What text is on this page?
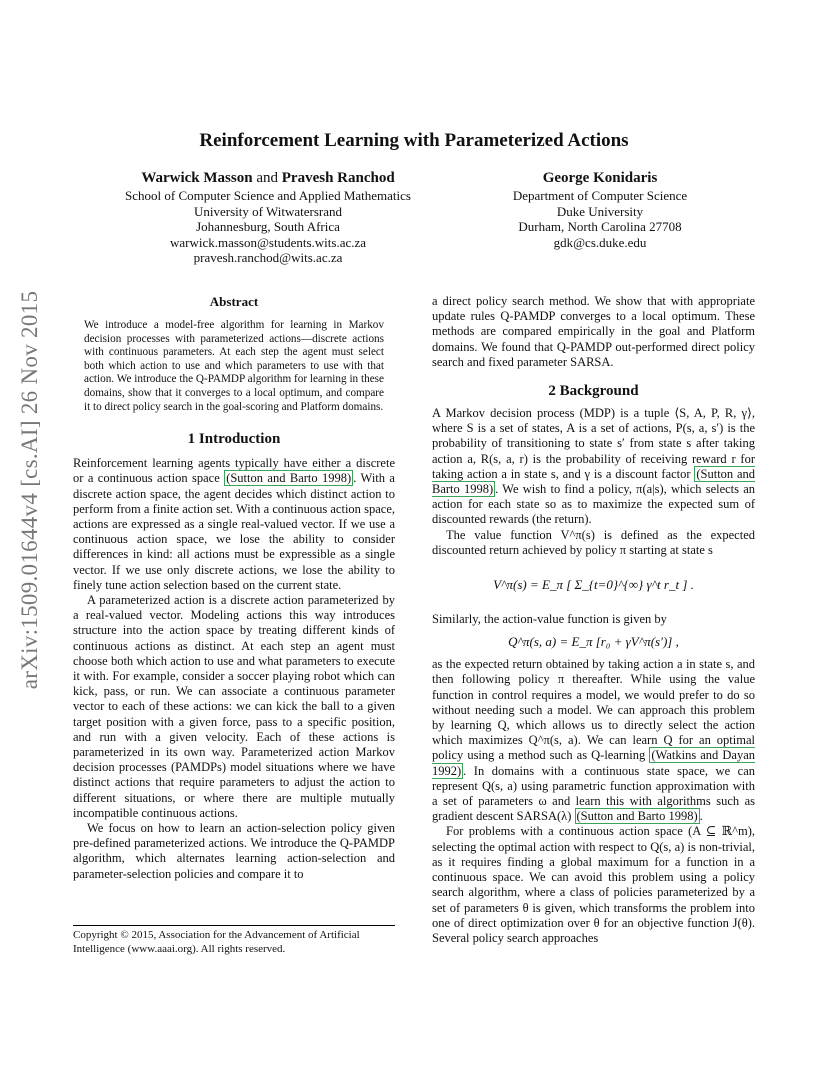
arXiv:1509.01644v4 [cs.AI] 26 Nov 2015
Reinforcement Learning with Parameterized Actions
Warwick Masson and Pravesh Ranchod
School of Computer Science and Applied Mathematics
University of Witwatersrand
Johannesburg, South Africa
warwick.masson@students.wits.ac.za
pravesh.ranchod@wits.ac.za
George Konidaris
Department of Computer Science
Duke University
Durham, North Carolina 27708
gdk@cs.duke.edu
Abstract

We introduce a model-free algorithm for learning in Markov decision processes with parameterized actions—discrete actions with continuous parameters. At each step the agent must select both which action to use and which parameters to use with that action. We introduce the Q-PAMDP algorithm for learning in these domains, show that it converges to a local optimum, and compare it to direct policy search in the goal-scoring and Platform domains.

1 Introduction

Reinforcement learning agents typically have either a discrete or a continuous action space (Sutton and Barto 1998) . With a discrete action space, the agent decides which distinct action to perform from a finite action set. With a continuous action space, actions are expressed as a single real-valued vector. If we use a continuous action space, we lose the ability to consider differences in kind: all actions must be expressible as a single vector. If we use only discrete actions, we lose the ability to finely tune action selection based on the current state.

A parameterized action is a discrete action parameterized by a real-valued vector. Modeling actions this way introduces structure into the action space by treating different kinds of continuous actions as distinct. At each step an agent must choose both which action to use and what parameters to execute it with. For example, consider a soccer playing robot which can kick, pass, or run. We can associate a continuous parameter vector to each of these actions: we can kick the ball to a given target position with a given force, pass to a specific position, and run with a given velocity. Each of these actions is parameterized in its own way. Parameterized action Markov decision processes (PAMDPs) model situations where we have distinct actions that require parameters to adjust the action to different situations, or where there are multiple mutually incompatible continuous actions.

We focus on how to learn an action-selection policy given pre-defined parameterized actions. We introduce the Q-PAMDP algorithm, which alternates learning action-selection and parameter-selection policies and compare it to

Copyright © 2015, Association for the Advancement of Artificial Intelligence (www.aaai.org). All rights reserved.

a direct policy search method. We show that with appropriate update rules Q-PAMDP converges to a local optimum. These methods are compared empirically in the goal and Platform domains. We found that Q-PAMDP out-performed direct policy search and fixed parameter SARSA.

2 Background

A Markov decision process (MDP) is a tuple ⟨S, A, P, R, γ⟩, where S is a set of states, A is a set of actions, P(s, a, s′) is the probability of transitioning to state s′ from state s after taking action a, R(s, a, r) is the probability of receiving reward r for taking action a in state s, and γ is a discount factor (Sutton and Barto 1998) . We wish to find a policy, π(a|s), which selects an action for each state so as to maximize the expected sum of discounted rewards (the return).

The value function V^π(s) is defined as the expected discounted return achieved by policy π starting at state s

V^π(s) = E_π [ Σ_{t=0}^{∞} γ^t r_t ] .

Similarly, the action-value function is given by

Q^π(s, a) = E_π [r₀ + γV^π(s′)] ,

as the expected return obtained by taking action a in state s, and then following policy π thereafter. While using the value function in control requires a model, we would prefer to do so without needing such a model. We can approach this problem by learning Q, which allows us to directly select the action which maximizes Q^π(s, a). We can learn Q for an optimal policy using a method such as Q-learning (Watkins and Dayan 1992) . In domains with a continuous state space, we can represent Q(s, a) using parametric function approximation with a set of parameters ω and learn this with algorithms such as gradient descent SARSA(λ) (Sutton and Barto 1998) .

For problems with a continuous action space (A ⊆ ℝ^m), selecting the optimal action with respect to Q(s, a) is non-trivial, as it requires finding a global maximum for a function in a continuous space. We can avoid this problem using a policy search algorithm, where a class of policies parameterized by a set of parameters θ is given, which transforms the problem into one of direct optimization over θ for an objective function J(θ). Several policy search approaches
